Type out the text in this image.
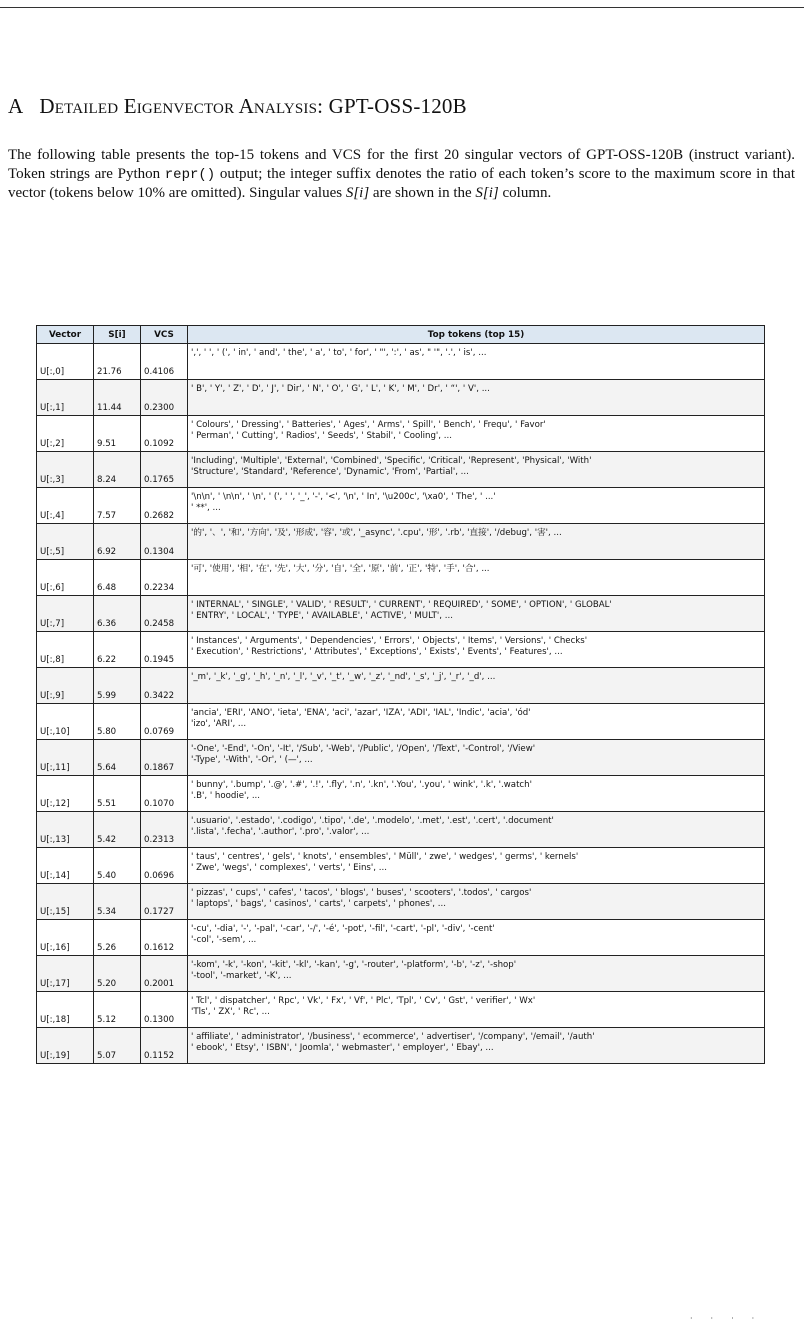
A Detailed Eigenvector Analysis: GPT-OSS-120B

The following table presents the top-15 tokens and VCS for the first 20 singular vectors of GPT-OSS-120B (instruct variant). Token strings are Python repr() output; the integer suffix denotes the ratio of each token’s score to the maximum score in that vector (tokens below 10% are omitted). Singular values S[i] are shown in the S[i] column.

Vector	S[i]	VCS	Top tokens (top 15)
U[:,0]	21.76	0.4106	',', ' ', ' (', ' in', ' and', ' the', ' a', ' to', ' for', ' "', ':', ' as', " '", '.', ' is', ...

U[:,1]	11.44	0.2300	' B', ' Y', ' Z', ' D', ' J', ' Dir', ' N', ' O', ' G', ' L', ' K', ' M', ' Dr', ' “', ' V', ...

U[:,2]	9.51	0.1092	' Colours', ' Dressing', ' Batteries', ' Ages', ' Arms', ' Spill', ' Bench', ' Frequ', ' Favor'
' Perman', ' Cutting', ' Radios', ' Seeds', ' Stabil', ' Cooling', ...

U[:,3]	8.24	0.1765	'Including', 'Multiple', 'External', 'Combined', 'Specific', 'Critical', 'Represent', 'Physical', 'With'
'Structure', 'Standard', 'Reference', 'Dynamic', 'From', 'Partial', ...

U[:,4]	7.57	0.2682	'\n\n', ' \n\n', ' \n', ' (', ' ', '_', '-', '<', '\n', ' In', '\u200c', '\xa0', ' The', ' ...'
' **', ...

U[:,5]	6.92	0.1304	'的', '、', '和', '方向', '及', '形成', '容', '或', '_async', '.cpu', '形', '.rb', '直接', '/debug', '害', ...

U[:,6]	6.48	0.2234	'可', '使用', '相', '在', '先', '大', '分', '自', '全', '原', '前', '正', '特', '手', '合', ...

U[:,7]	6.36	0.2458	' INTERNAL', ' SINGLE', ' VALID', ' RESULT', ' CURRENT', ' REQUIRED', ' SOME', ' OPTION', ' GLOBAL'
' ENTRY', ' LOCAL', ' TYPE', ' AVAILABLE', ' ACTIVE', ' MULT', ...

U[:,8]	6.22	0.1945	' Instances', ' Arguments', ' Dependencies', ' Errors', ' Objects', ' Items', ' Versions', ' Checks'
' Execution', ' Restrictions', ' Attributes', ' Exceptions', ' Exists', ' Events', ' Features', ...

U[:,9]	5.99	0.3422	'_m', '_k', '_g', '_h', '_n', '_l', '_v', '_t', '_w', '_z', '_nd', '_s', '_j', '_r', '_d', ...

U[:,10]	5.80	0.0769	'ancia', 'ERI', 'ANO', 'ieta', 'ENA', 'aci', 'azar', 'IZA', 'ADI', 'IAL', 'Indic', 'acia', 'ód'
'izo', 'ARI', ...

U[:,11]	5.64	0.1867	'-One', '-End', '-On', '-It', '/Sub', '-Web', '/Public', '/Open', '/Text', '-Control', '/View'
'-Type', '-With', '-Or', ' (—', ...

U[:,12]	5.51	0.1070	' bunny', '.bump', '.@', '.#', '.!', '.fly', '.n', '.kn', '.You', '.you', ' wink', '.k', '.watch'
'.B', ' hoodie', ...

U[:,13]	5.42	0.2313	'.usuario', '.estado', '.codigo', '.tipo', '.de', '.modelo', '.met', '.est', '.cert', '.document'
'.lista', '.fecha', '.author', '.pro', '.valor', ...

U[:,14]	5.40	0.0696	' taus', ' centres', ' gels', ' knots', ' ensembles', ' Müll', ' zwe', ' wedges', ' germs', ' kernels'
' Zwe', 'wegs', ' complexes', ' verts', ' Eins', ...

U[:,15]	5.34	0.1727	' pizzas', ' cups', ' cafes', ' tacos', ' blogs', ' buses', ' scooters', '.todos', ' cargos'
' laptops', ' bags', ' casinos', ' carts', ' carpets', ' phones', ...

U[:,16]	5.26	0.1612	'-cu', '-dia', '-', '-pal', '-car', '-/', '-é', '-pot', '-fil', '-cart', '-pl', '-div', '-cent'
'-col', '-sem', ...

U[:,17]	5.20	0.2001	'-kom', '-k', '-kon', '-kit', '-kl', '-kan', '-g', '-router', '-platform', '-b', '-z', '-shop'
'-tool', '-market', '-K', ...

U[:,18]	5.12	0.1300	' Tcl', ' dispatcher', ' Rpc', ' Vk', ' Fx', ' Vf', ' Plc', 'Tpl', ' Cv', ' Gst', ' verifier', ' Wx'
'Tls', ' ZX', ' Rc', ...

U[:,19]	5.07	0.1152	' affiliate', ' administrator', '/business', ' ecommerce', ' advertiser', '/company', '/email', '/auth'
' ebook', ' Etsy', ' ISBN', ' Joomla', ' webmaster', ' employer', ' Ebay', ...
····
